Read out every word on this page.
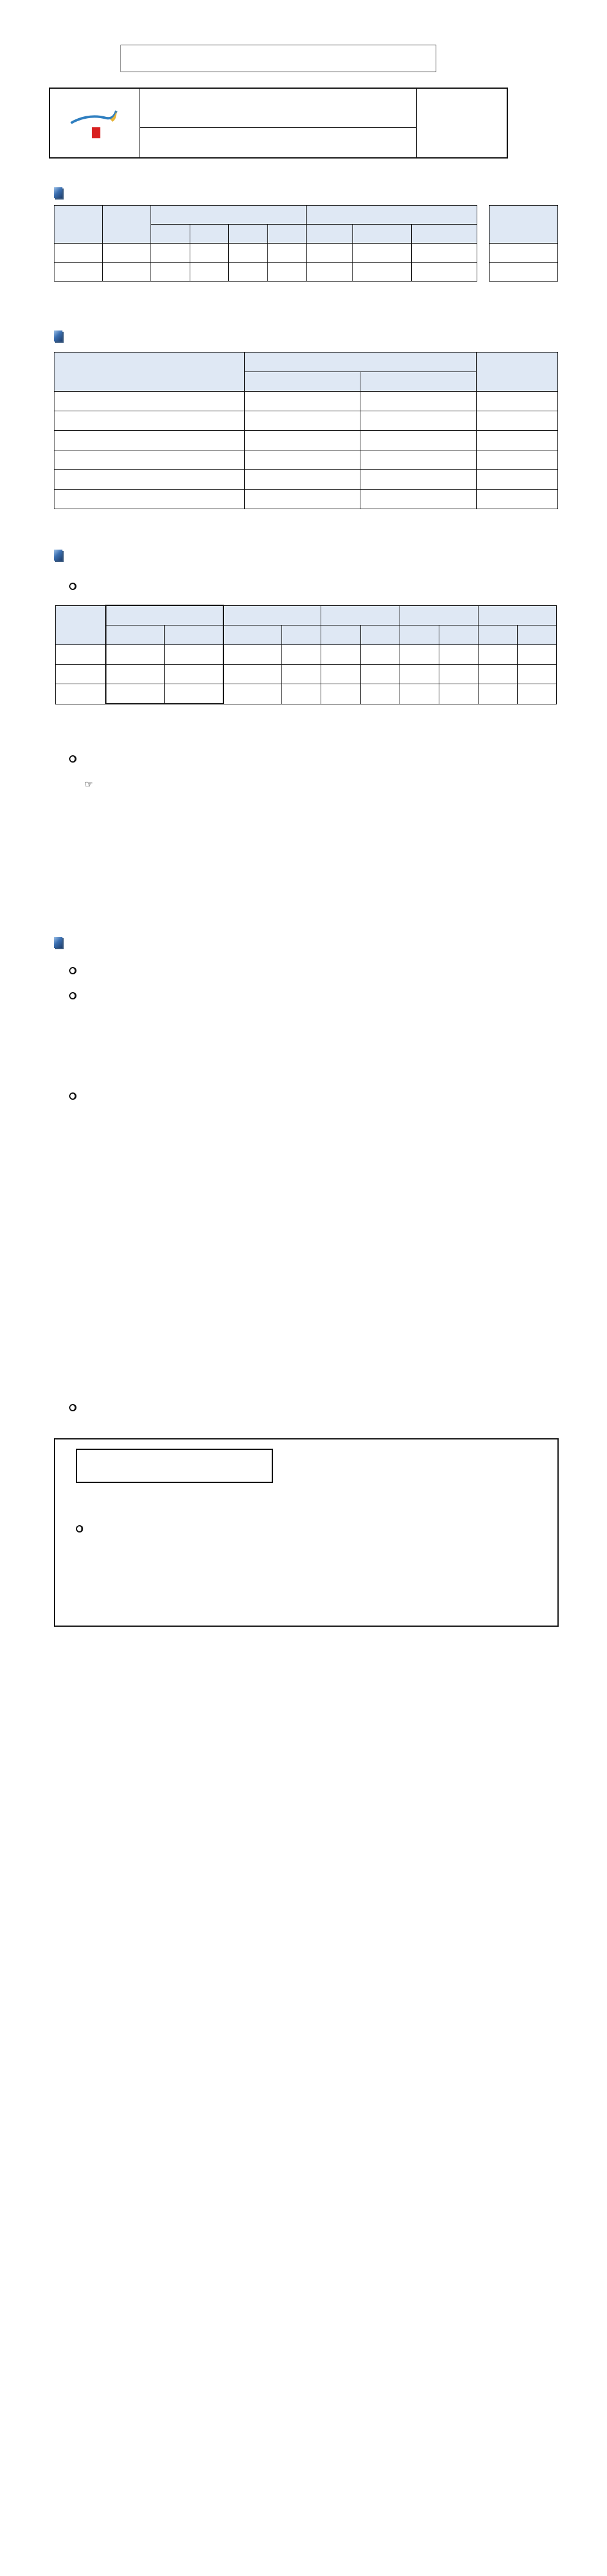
☞
